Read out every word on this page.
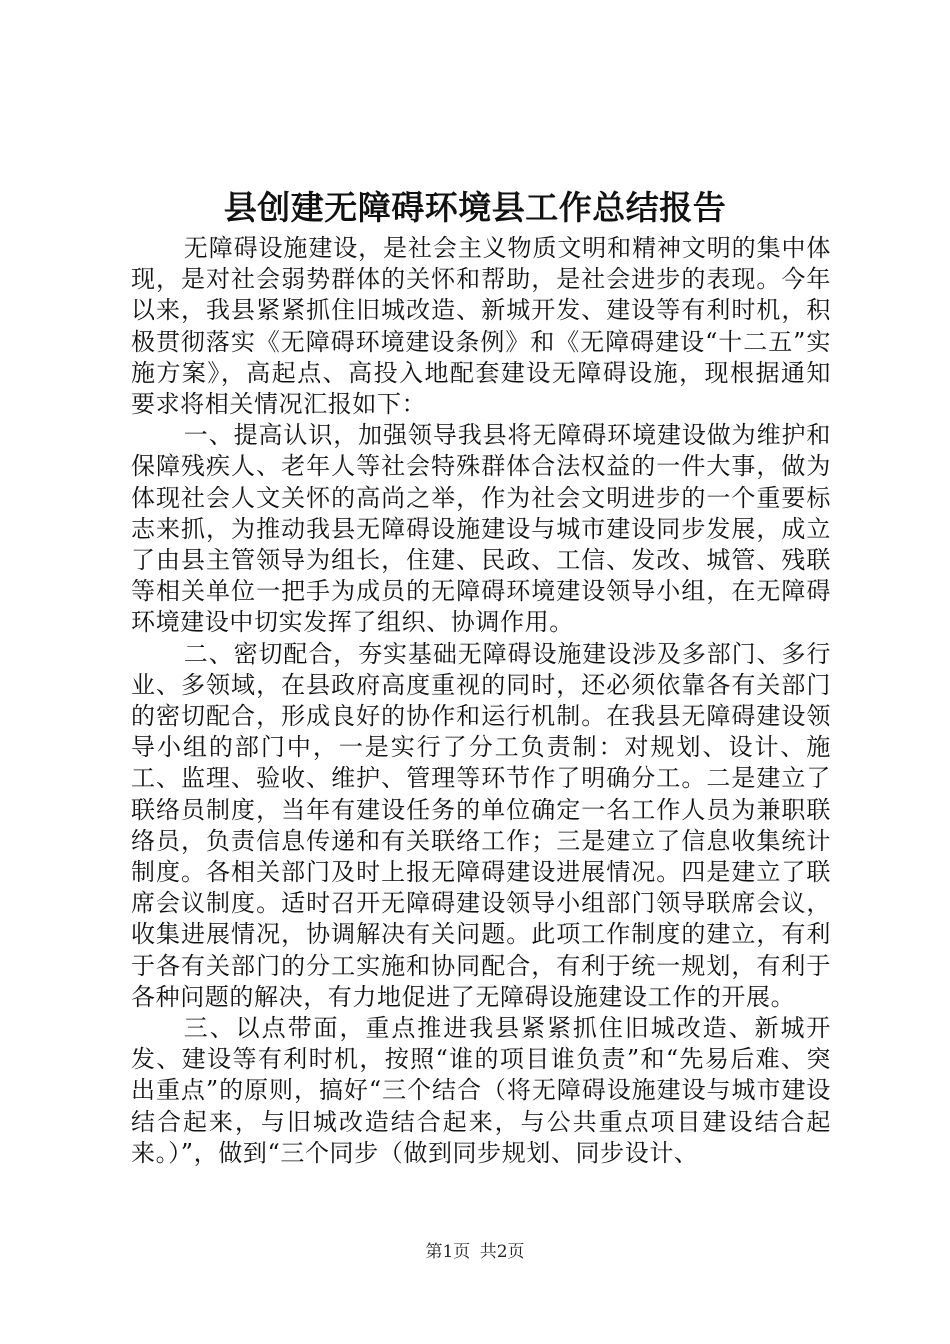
县创建无障碍环境县工作总结报告

无障碍设施建设，是社会主义物质文明和精神文明的集中体现，是对社会弱势群体的关怀和帮助，是社会进步的表现。今年以来，我县紧紧抓住旧城改造、新城开发、建设等有利时机，积极贯彻落实《无障碍环境建设条例》和《无障碍建设“十二五”实施方案》，高起点、高投入地配套建设无障碍设施，现根据通知要求将相关情况汇报如下：

一、提高认识，加强领导我县将无障碍环境建设做为维护和保障残疾人、老年人等社会特殊群体合法权益的一件大事，做为体现社会人文关怀的高尚之举，作为社会文明进步的一个重要标志来抓，为推动我县无障碍设施建设与城市建设同步发展，成立了由县主管领导为组长，住建、民政、工信、发改、城管、残联等相关单位一把手为成员的无障碍环境建设领导小组，在无障碍环境建设中切实发挥了组织、协调作用。

二、密切配合，夯实基础无障碍设施建设涉及多部门、多行业、多领域，在县政府高度重视的同时，还必须依靠各有关部门的密切配合，形成良好的协作和运行机制。在我县无障碍建设领导小组的部门中，一是实行了分工负责制：对规划、设计、施工、监理、验收、维护、管理等环节作了明确分工。二是建立了联络员制度，当年有建设任务的单位确定一名工作人员为兼职联络员，负责信息传递和有关联络工作；三是建立了信息收集统计制度。各相关部门及时上报无障碍建设进展情况。四是建立了联席会议制度。适时召开无障碍建设领导小组部门领导联席会议，收集进展情况，协调解决有关问题。此项工作制度的建立，有利于各有关部门的分工实施和协同配合，有利于统一规划，有利于各种问题的解决，有力地促进了无障碍设施建设工作的开展。

三、以点带面，重点推进我县紧紧抓住旧城改造、新城开发、建设等有利时机，按照“谁的项目谁负责”和“先易后难、突出重点”的原则，搞好“三个结合（将无障碍设施建设与城市建设结合起来，与旧城改造结合起来，与公共重点项目建设结合起来。）”，做到“三个同步（做到同步规划、同步设计、

第1页 共2页
